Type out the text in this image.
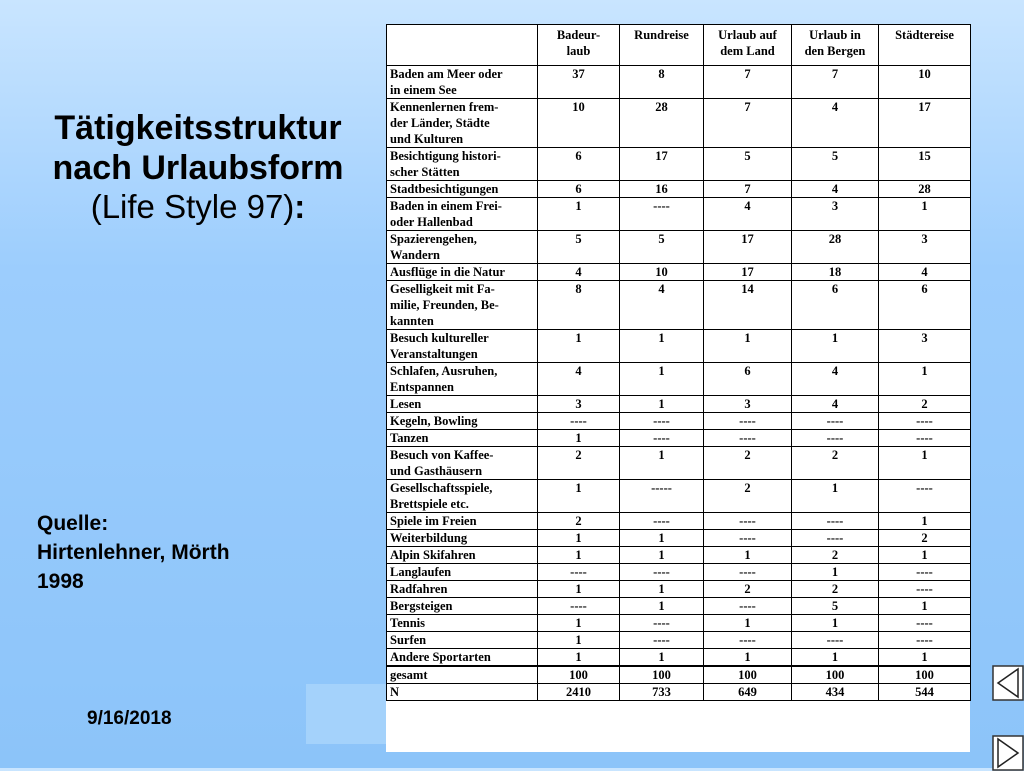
Tätigkeitsstruktur
nach Urlaubsform
(Life Style 97):
Quelle:
Hirtenlehner, Mörth
1998
9/16/2018
	Badeur-
laub	Rundreise	Urlaub auf
dem Land	Urlaub in
den Bergen	Städtereise
Baden am Meer oder
in einem See	37	8	7	7	10
Kennenlernen frem-
der Länder, Städte
und Kulturen	10	28	7	4	17
Besichtigung histori-
scher Stätten	6	17	5	5	15
Stadtbesichtigungen	6	16	7	4	28
Baden in einem Frei-
oder Hallenbad	1	----	4	3	1
Spazierengehen,
Wandern	5	5	17	28	3
Ausflüge in die Natur	4	10	17	18	4
Geselligkeit mit Fa-
milie, Freunden, Be-
kannten	8	4	14	6	6
Besuch kultureller
Veranstaltungen	1	1	1	1	3
Schlafen, Ausruhen,
Entspannen	4	1	6	4	1
Lesen	3	1	3	4	2
Kegeln, Bowling	----	----	----	----	----
Tanzen	1	----	----	----	----
Besuch von Kaffee-
und Gasthäusern	2	1	2	2	1
Gesellschaftsspiele,
Brettspiele etc.	1	-----	2	1	----
Spiele im Freien	2	----	----	----	1
Weiterbildung	1	1	----	----	2
Alpin Skifahren	1	1	1	2	1
Langlaufen	----	----	----	1	----
Radfahren	1	1	2	2	----
Bergsteigen	----	1	----	5	1
Tennis	1	----	1	1	----
Surfen	1	----	----	----	----
Andere Sportarten	1	1	1	1	1
gesamt	100	100	100	100	100
N	2410	733	649	434	544
